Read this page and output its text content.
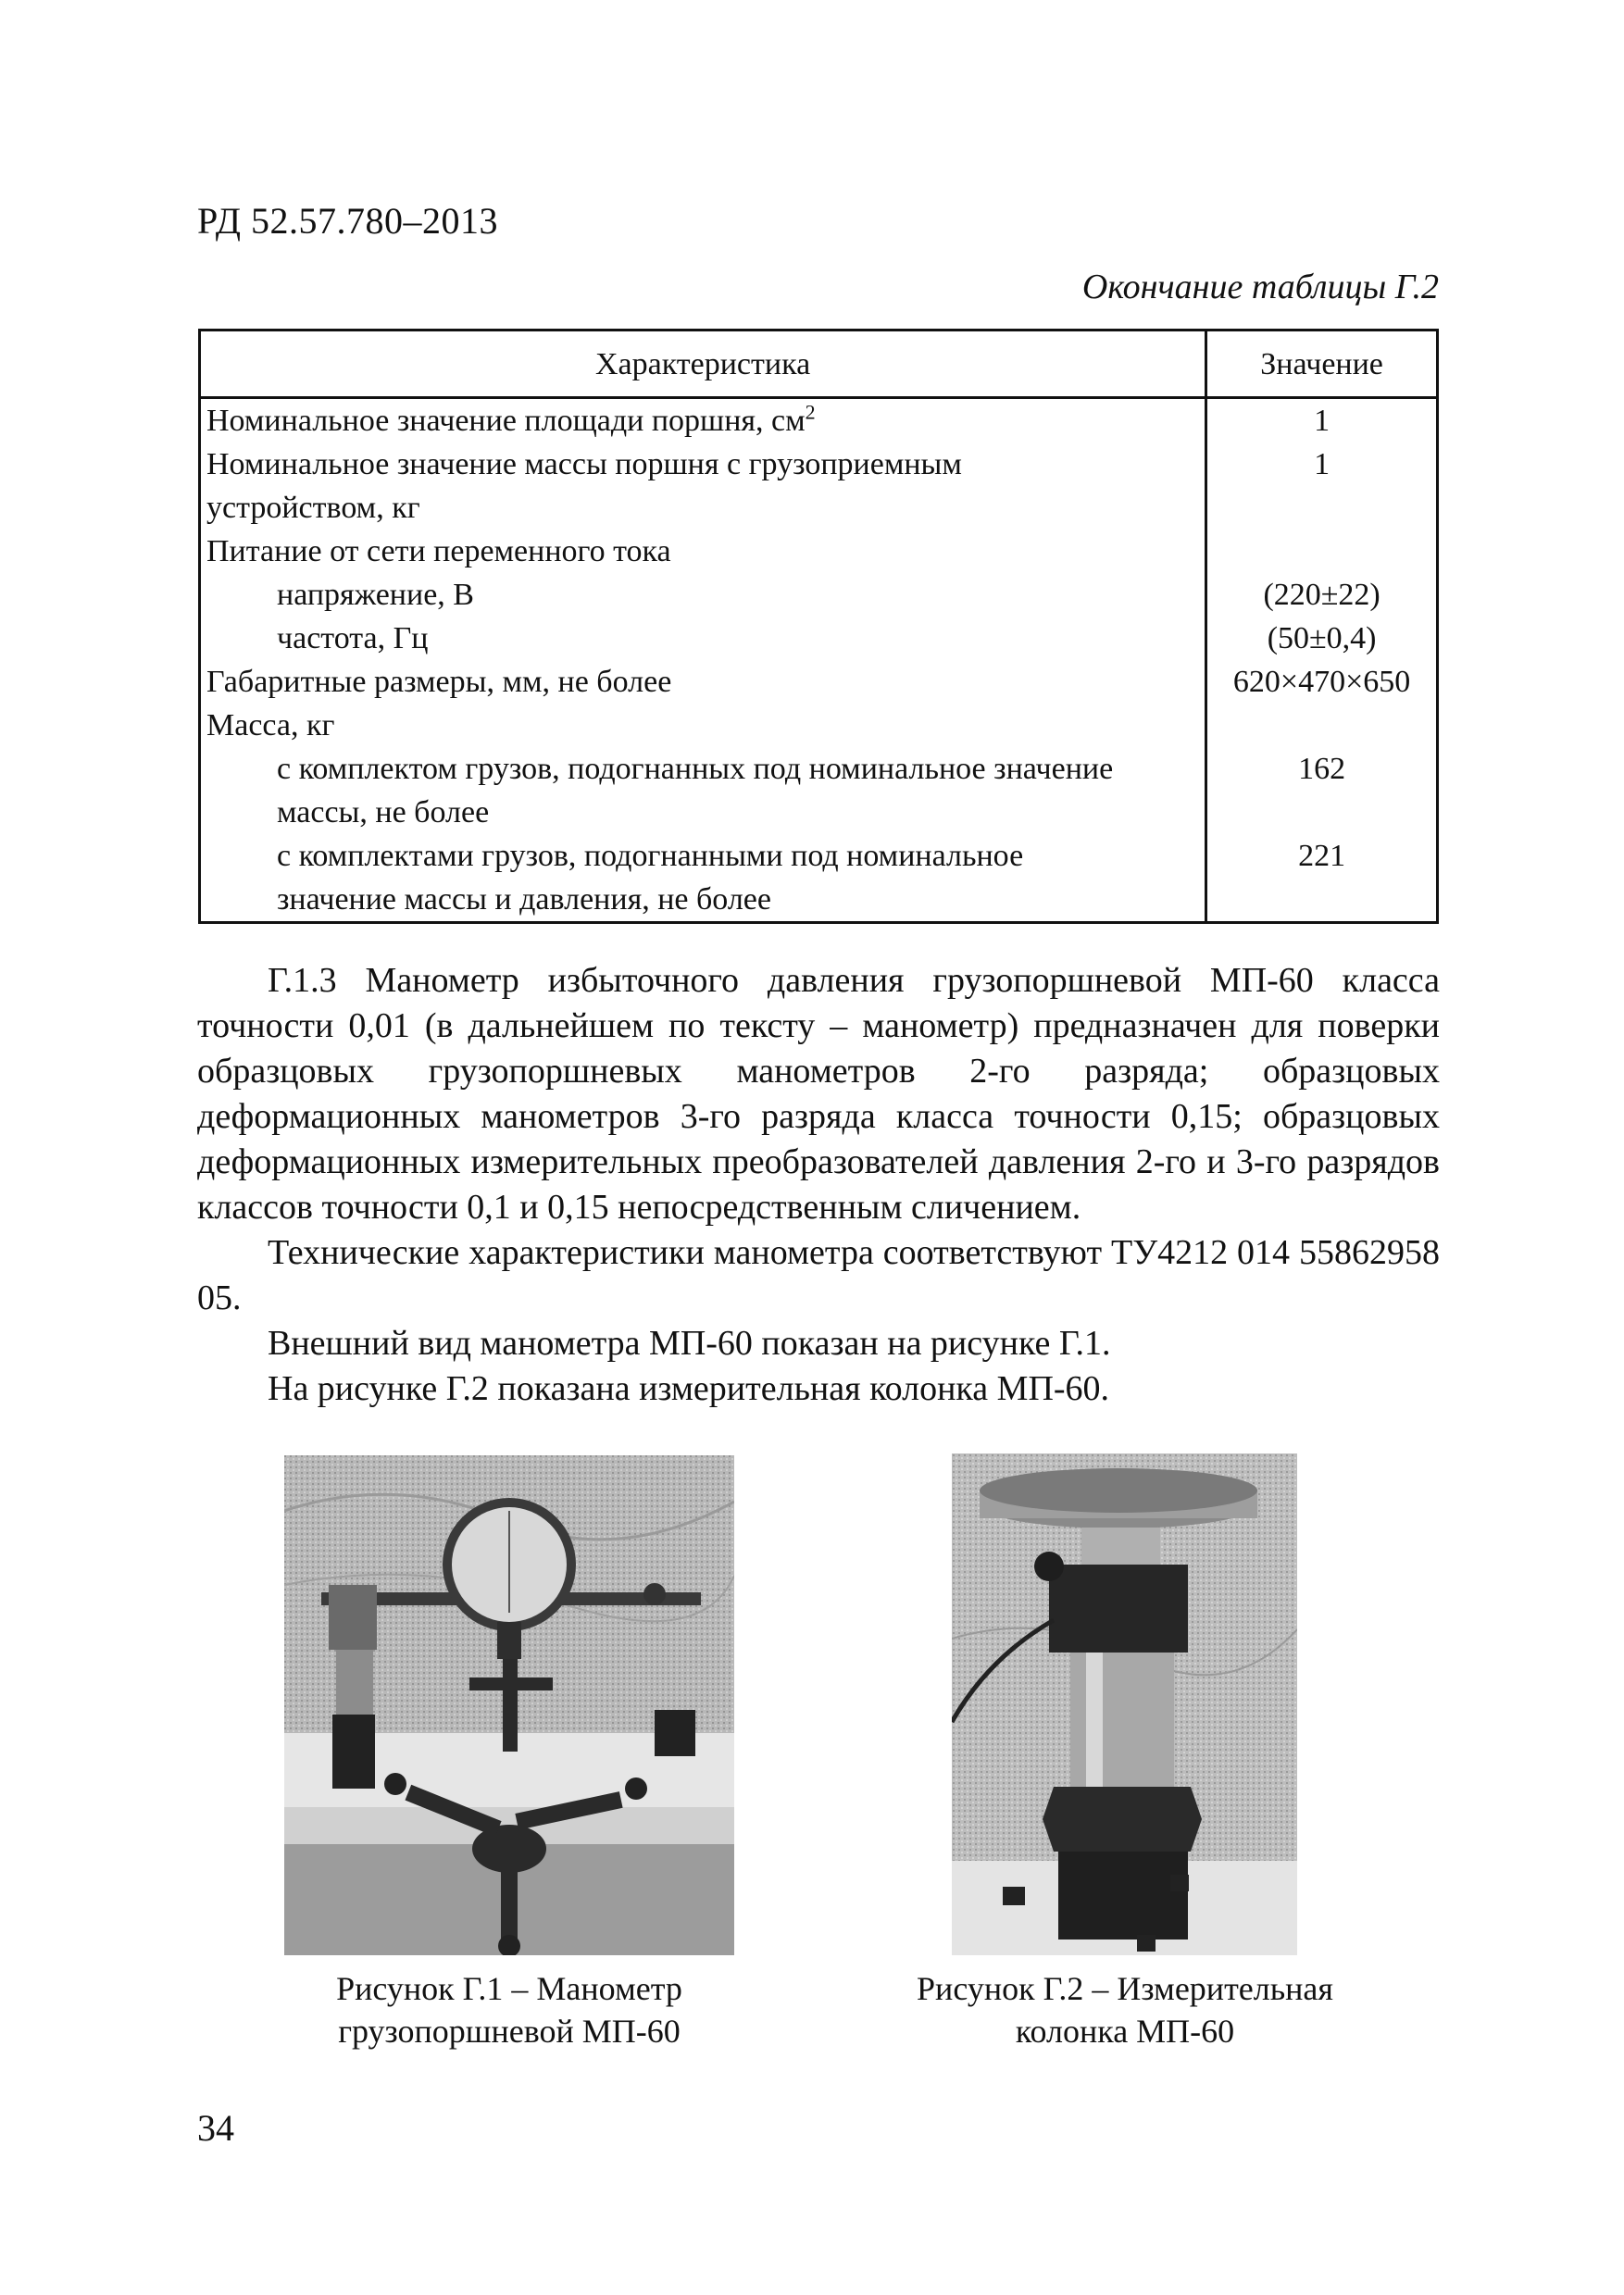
РД 52.57.780–2013
Окончание таблицы Г.2
Характеристика	Значение
Номинальное значение площади поршня, $см^2$	1
Номинальное значение массы поршня с грузоприемным	1
устройством, кг	
Питание от сети переменного тока	
напряжение, В	(220±22)
частота, Гц	(50±0,4)
Габаритные размеры, мм, не более	620×470×650
Масса, кг	
с комплектом грузов, подогнанных под номинальное значение	162
массы, не более	
с комплектами грузов, подогнанными под номинальное	221
значение массы и давления, не более	

Г.1.3 Манометр избыточного давления грузопоршневой МП-60 класса точности 0,01 (в дальнейшем по тексту – манометр) предназначен для поверки образцовых грузопоршневых манометров 2-го разряда; образцовых деформационных манометров 3-го разряда класса точности 0,15; образцовых деформационных измерительных преобразователей давления 2-го и 3-го разрядов классов точности 0,1 и 0,15 непосредственным сличением.

Технические характеристики манометра соответствуют ТУ4212 014 55862958 05.

Внешний вид манометра МП-60 показан на рисунке Г.1.

На рисунке Г.2 показана измерительная колонка МП-60.

Рисунок Г.1 – Манометр
грузопоршневой МП-60
Рисунок Г.2 – Измерительная
колонка МП-60
34
